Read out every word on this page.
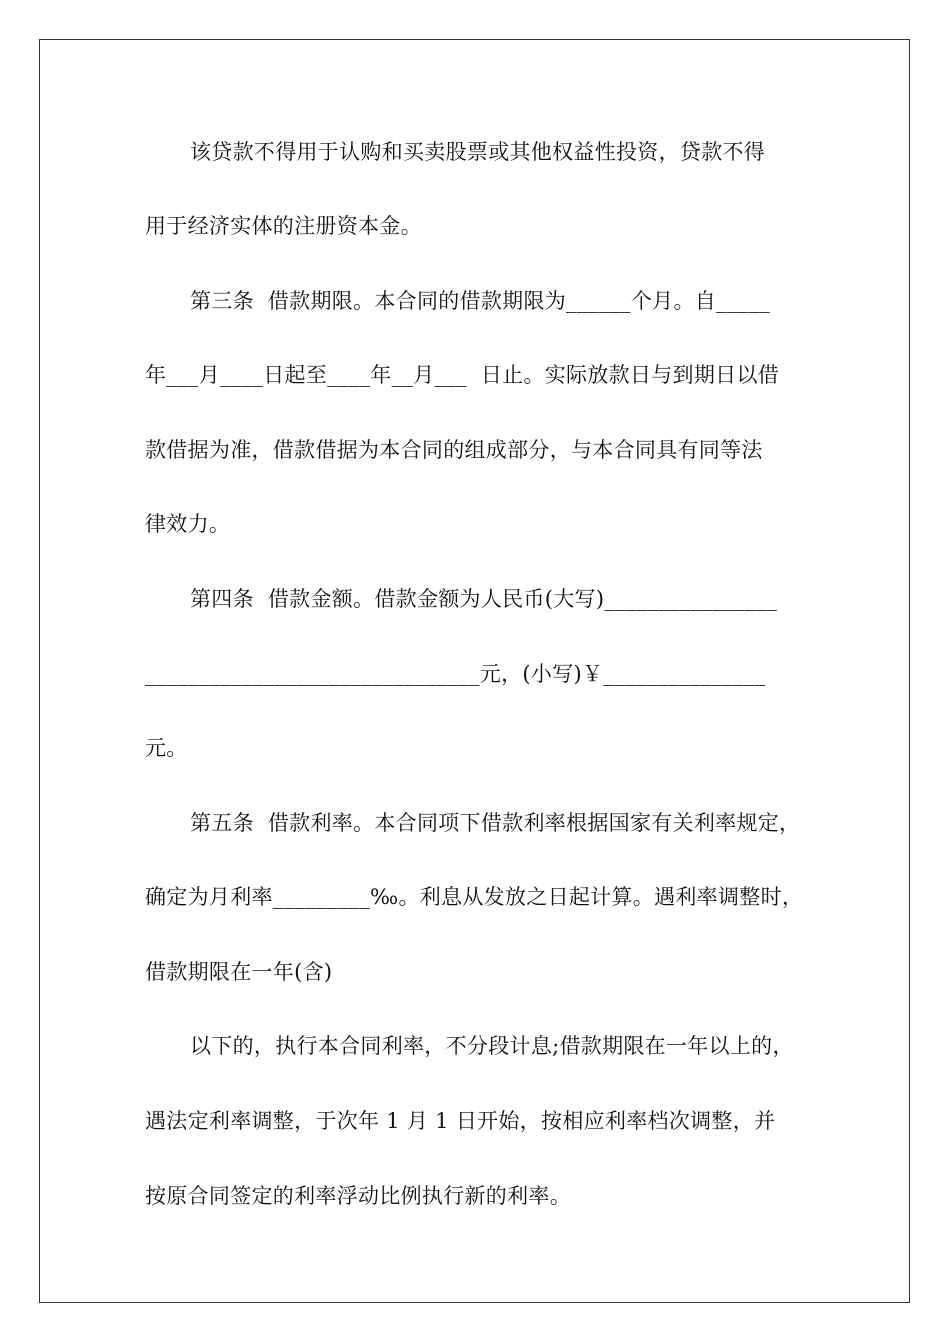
该贷款不得用于认购和买卖股票或其他权益性投资，贷款不得
用于经济实体的注册资本金。
第三条  借款期限。本合同的借款期限为______个月。自_____
年___月____日起至____年__月___  日止。实际放款日与到期日以借
款借据为准，借款借据为本合同的组成部分，与本合同具有同等法
律效力。
第四条  借款金额。借款金额为人民币(大写)________________
_______________________________元，(小写)￥_______________
元。
第五条  借款利率。本合同项下借款利率根据国家有关利率规定，
确定为月利率_________‰。利息从发放之日起计算。遇利率调整时，
借款期限在一年(含)
以下的，执行本合同利率，不分段计息;借款期限在一年以上的，
遇法定利率调整，于次年 1 月 1 日开始，按相应利率档次调整，并
按原合同签定的利率浮动比例执行新的利率。
